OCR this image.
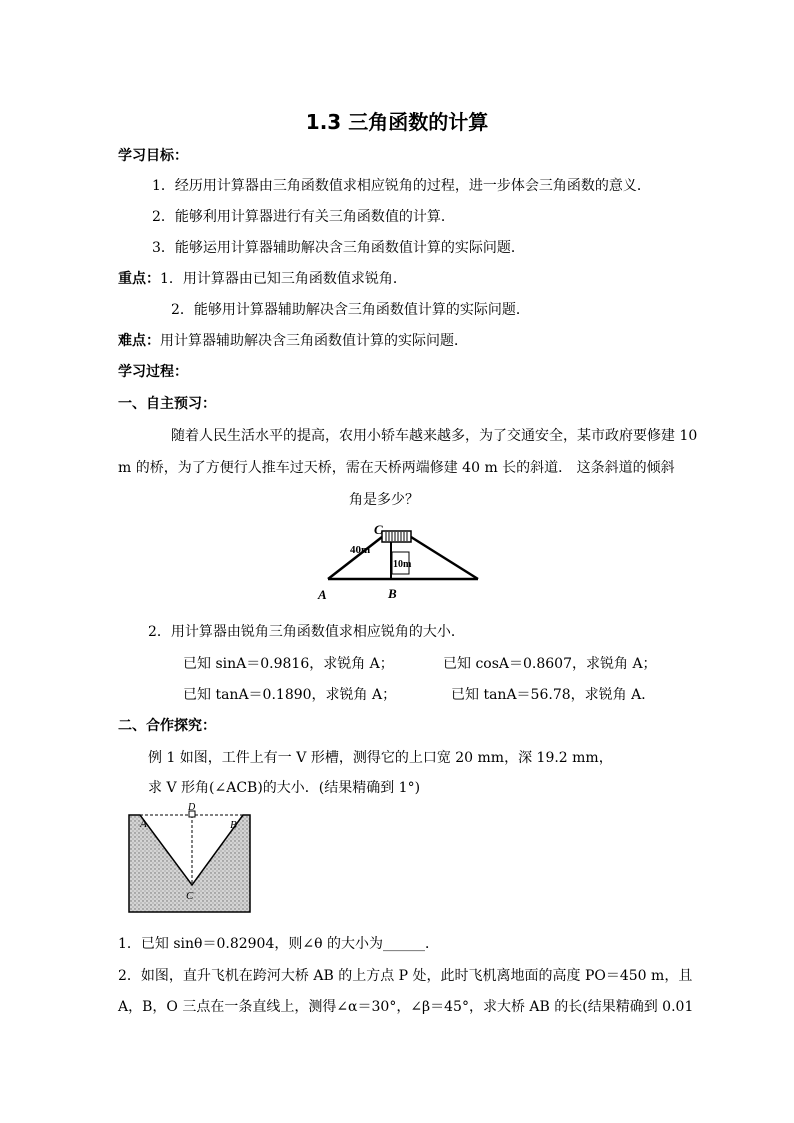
1.3 三角函数的计算
学习目标：
1．经历用计算器由三角函数值求相应锐角的过程，进一步体会三角函数的意义．
2．能够利用计算器进行有关三角函数值的计算．
3．能够运用计算器辅助解决含三角函数值计算的实际问题．
重点：1．用计算器由已知三角函数值求锐角．
2．能够用计算器辅助解决含三角函数值计算的实际问题．
难点：用计算器辅助解决含三角函数值计算的实际问题．
学习过程：
一、自主预习：
随着人民生活水平的提高，农用小轿车越来越多，为了交通安全，某市政府要修建 10
m 的桥，为了方便行人推车过天桥，需在天桥两端修建 40 m 长的斜道． 这条斜道的倾斜
角是多少？
C
40m
10m
A	B
2．用计算器由锐角三角函数值求相应锐角的大小．
已知 sinA＝0.9816，求锐角 A；	已知 cosA＝0.8607，求锐角 A；
已知 tanA＝0.1890，求锐角 A；	已知 tanA＝56.78，求锐角 A．
二、合作探究：
例 1 如图，工件上有一 V 形槽，测得它的上口宽 20 mm，深 19.2 mm，
求 V 形角(∠ACB)的大小．(结果精确到 1°)
D
A	B
C
1．已知 sinθ＝0.82904，则∠θ 的大小为______．
2．如图，直升飞机在跨河大桥 AB 的上方点 P 处，此时飞机离地面的高度 PO＝450 m，且
A，B，O 三点在一条直线上，测得∠α＝30°，∠β＝45°，求大桥 AB 的长(结果精确到 0.01
